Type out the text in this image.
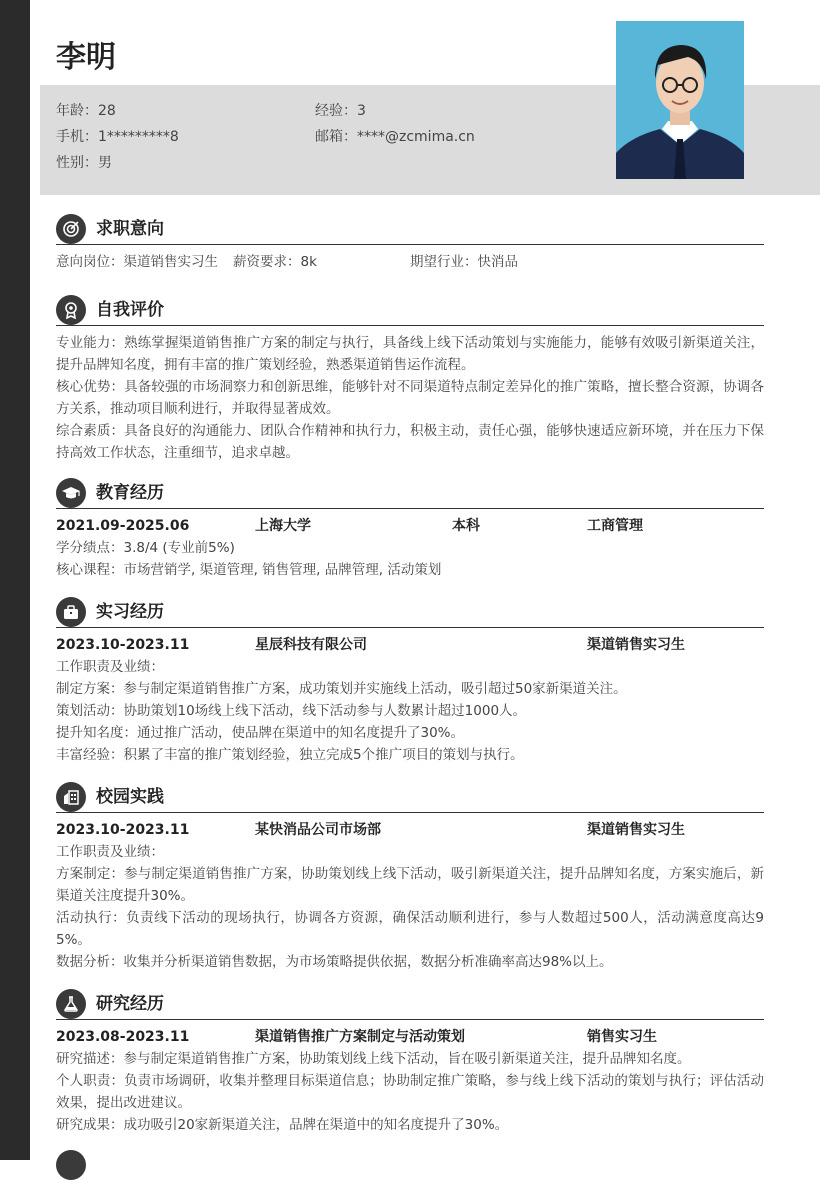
李明
年龄：28	经验：3
手机：1*********8	邮箱：****@zcmima.cn
性别：男
求职意向
意向岗位：渠道销售实习生 薪资要求：8k	期望行业：快消品
自我评价
专业能力：熟练掌握渠道销售推广方案的制定与执行，具备线上线下活动策划与实施能力，能够有效吸引新渠道关注，提升品牌知名度，拥有丰富的推广策划经验，熟悉渠道销售运作流程。
核心优势：具备较强的市场洞察力和创新思维，能够针对不同渠道特点制定差异化的推广策略，擅长整合资源，协调各方关系，推动项目顺利进行，并取得显著成效。
综合素质：具备良好的沟通能力、团队合作精神和执行力，积极主动，责任心强，能够快速适应新环境，并在压力下保持高效工作状态，注重细节，追求卓越。
教育经历
2021.09-2025.06	上海大学	本科	工商管理
学分绩点：3.8/4 (专业前5%)
核心课程：市场营销学, 渠道管理, 销售管理, 品牌管理, 活动策划
实习经历
2023.10-2023.11	星辰科技有限公司	渠道销售实习生
工作职责及业绩：
制定方案：参与制定渠道销售推广方案，成功策划并实施线上活动，吸引超过50家新渠道关注。
策划活动：协助策划10场线上线下活动，线下活动参与人数累计超过1000人。
提升知名度：通过推广活动，使品牌在渠道中的知名度提升了30%。
丰富经验：积累了丰富的推广策划经验，独立完成5个推广项目的策划与执行。
校园实践
2023.10-2023.11	某快消品公司市场部	渠道销售实习生
工作职责及业绩：
方案制定：参与制定渠道销售推广方案，协助策划线上线下活动，吸引新渠道关注，提升品牌知名度，方案实施后，新渠道关注度提升30%。
活动执行：负责线下活动的现场执行，协调各方资源，确保活动顺利进行，参与人数超过500人，活动满意度高达95%。
数据分析：收集并分析渠道销售数据，为市场策略提供依据，数据分析准确率高达98%以上。
研究经历
2023.08-2023.11	渠道销售推广方案制定与活动策划	销售实习生
研究描述：参与制定渠道销售推广方案，协助策划线上线下活动，旨在吸引新渠道关注，提升品牌知名度。
个人职责：负责市场调研，收集并整理目标渠道信息；协助制定推广策略，参与线上线下活动的策划与执行；评估活动效果，提出改进建议。
研究成果：成功吸引20家新渠道关注，品牌在渠道中的知名度提升了30%。
